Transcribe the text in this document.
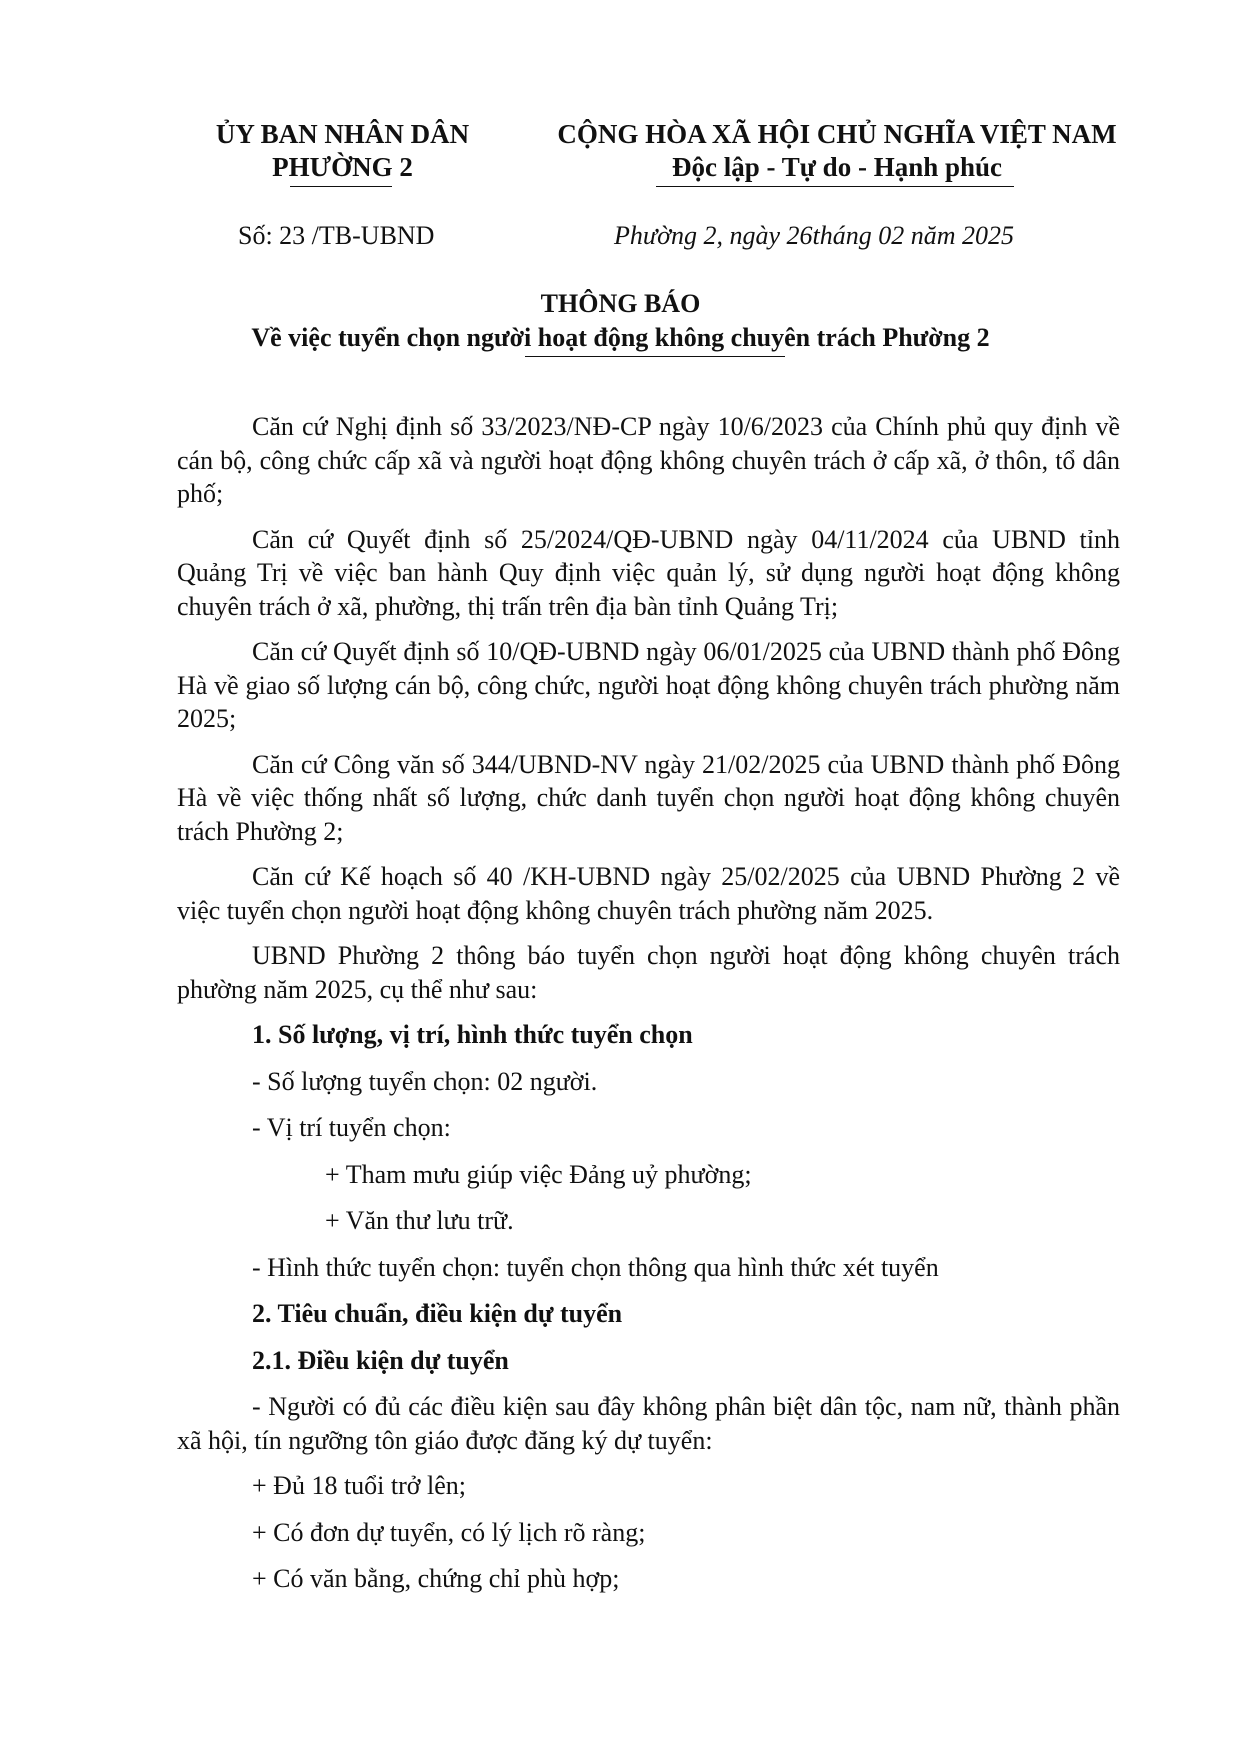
ỦY BAN NHÂN DÂN
PHƯỜNG 2
CỘNG HÒA XÃ HỘI CHỦ NGHĨA VIỆT NAM
Độc lập - Tự do - Hạnh phúc
Số: 23 /TB-UBND	Phường 2, ngày 26tháng 02 năm 2025
THÔNG BÁO
Về việc tuyển chọn người hoạt động không chuyên trách Phường 2

Căn cứ Nghị định số 33/2023/NĐ-CP ngày 10/6/2023 của Chính phủ quy định về cán bộ, công chức cấp xã và người hoạt động không chuyên trách ở cấp xã, ở thôn, tổ dân phố;

Căn cứ Quyết định số 25/2024/QĐ-UBND ngày 04/11/2024 của UBND tỉnh Quảng Trị về việc ban hành Quy định việc quản lý, sử dụng người hoạt động không chuyên trách ở xã, phường, thị trấn trên địa bàn tỉnh Quảng Trị;

Căn cứ Quyết định số 10/QĐ-UBND ngày 06/01/2025 của UBND thành phố Đông Hà về giao số lượng cán bộ, công chức, người hoạt động không chuyên trách phường năm 2025;

Căn cứ Công văn số 344/UBND-NV ngày 21/02/2025 của UBND thành phố Đông Hà về việc thống nhất số lượng, chức danh tuyển chọn người hoạt động không chuyên trách Phường 2;

Căn cứ Kế hoạch số 40 /KH-UBND ngày 25/02/2025 của UBND Phường 2 về việc tuyển chọn người hoạt động không chuyên trách phường năm 2025.

UBND Phường 2 thông báo tuyển chọn người hoạt động không chuyên trách phường năm 2025, cụ thể như sau:

1. Số lượng, vị trí, hình thức tuyển chọn
- Số lượng tuyển chọn: 02 người.
- Vị trí tuyển chọn:
+ Tham mưu giúp việc Đảng uỷ phường;
+ Văn thư lưu trữ.
- Hình thức tuyển chọn: tuyển chọn thông qua hình thức xét tuyển
2. Tiêu chuẩn, điều kiện dự tuyển
2.1. Điều kiện dự tuyển

- Người có đủ các điều kiện sau đây không phân biệt dân tộc, nam nữ, thành phần xã hội, tín ngưỡng tôn giáo được đăng ký dự tuyển:

+ Đủ 18 tuổi trở lên;
+ Có đơn dự tuyển, có lý lịch rõ ràng;
+ Có văn bằng, chứng chỉ phù hợp;
